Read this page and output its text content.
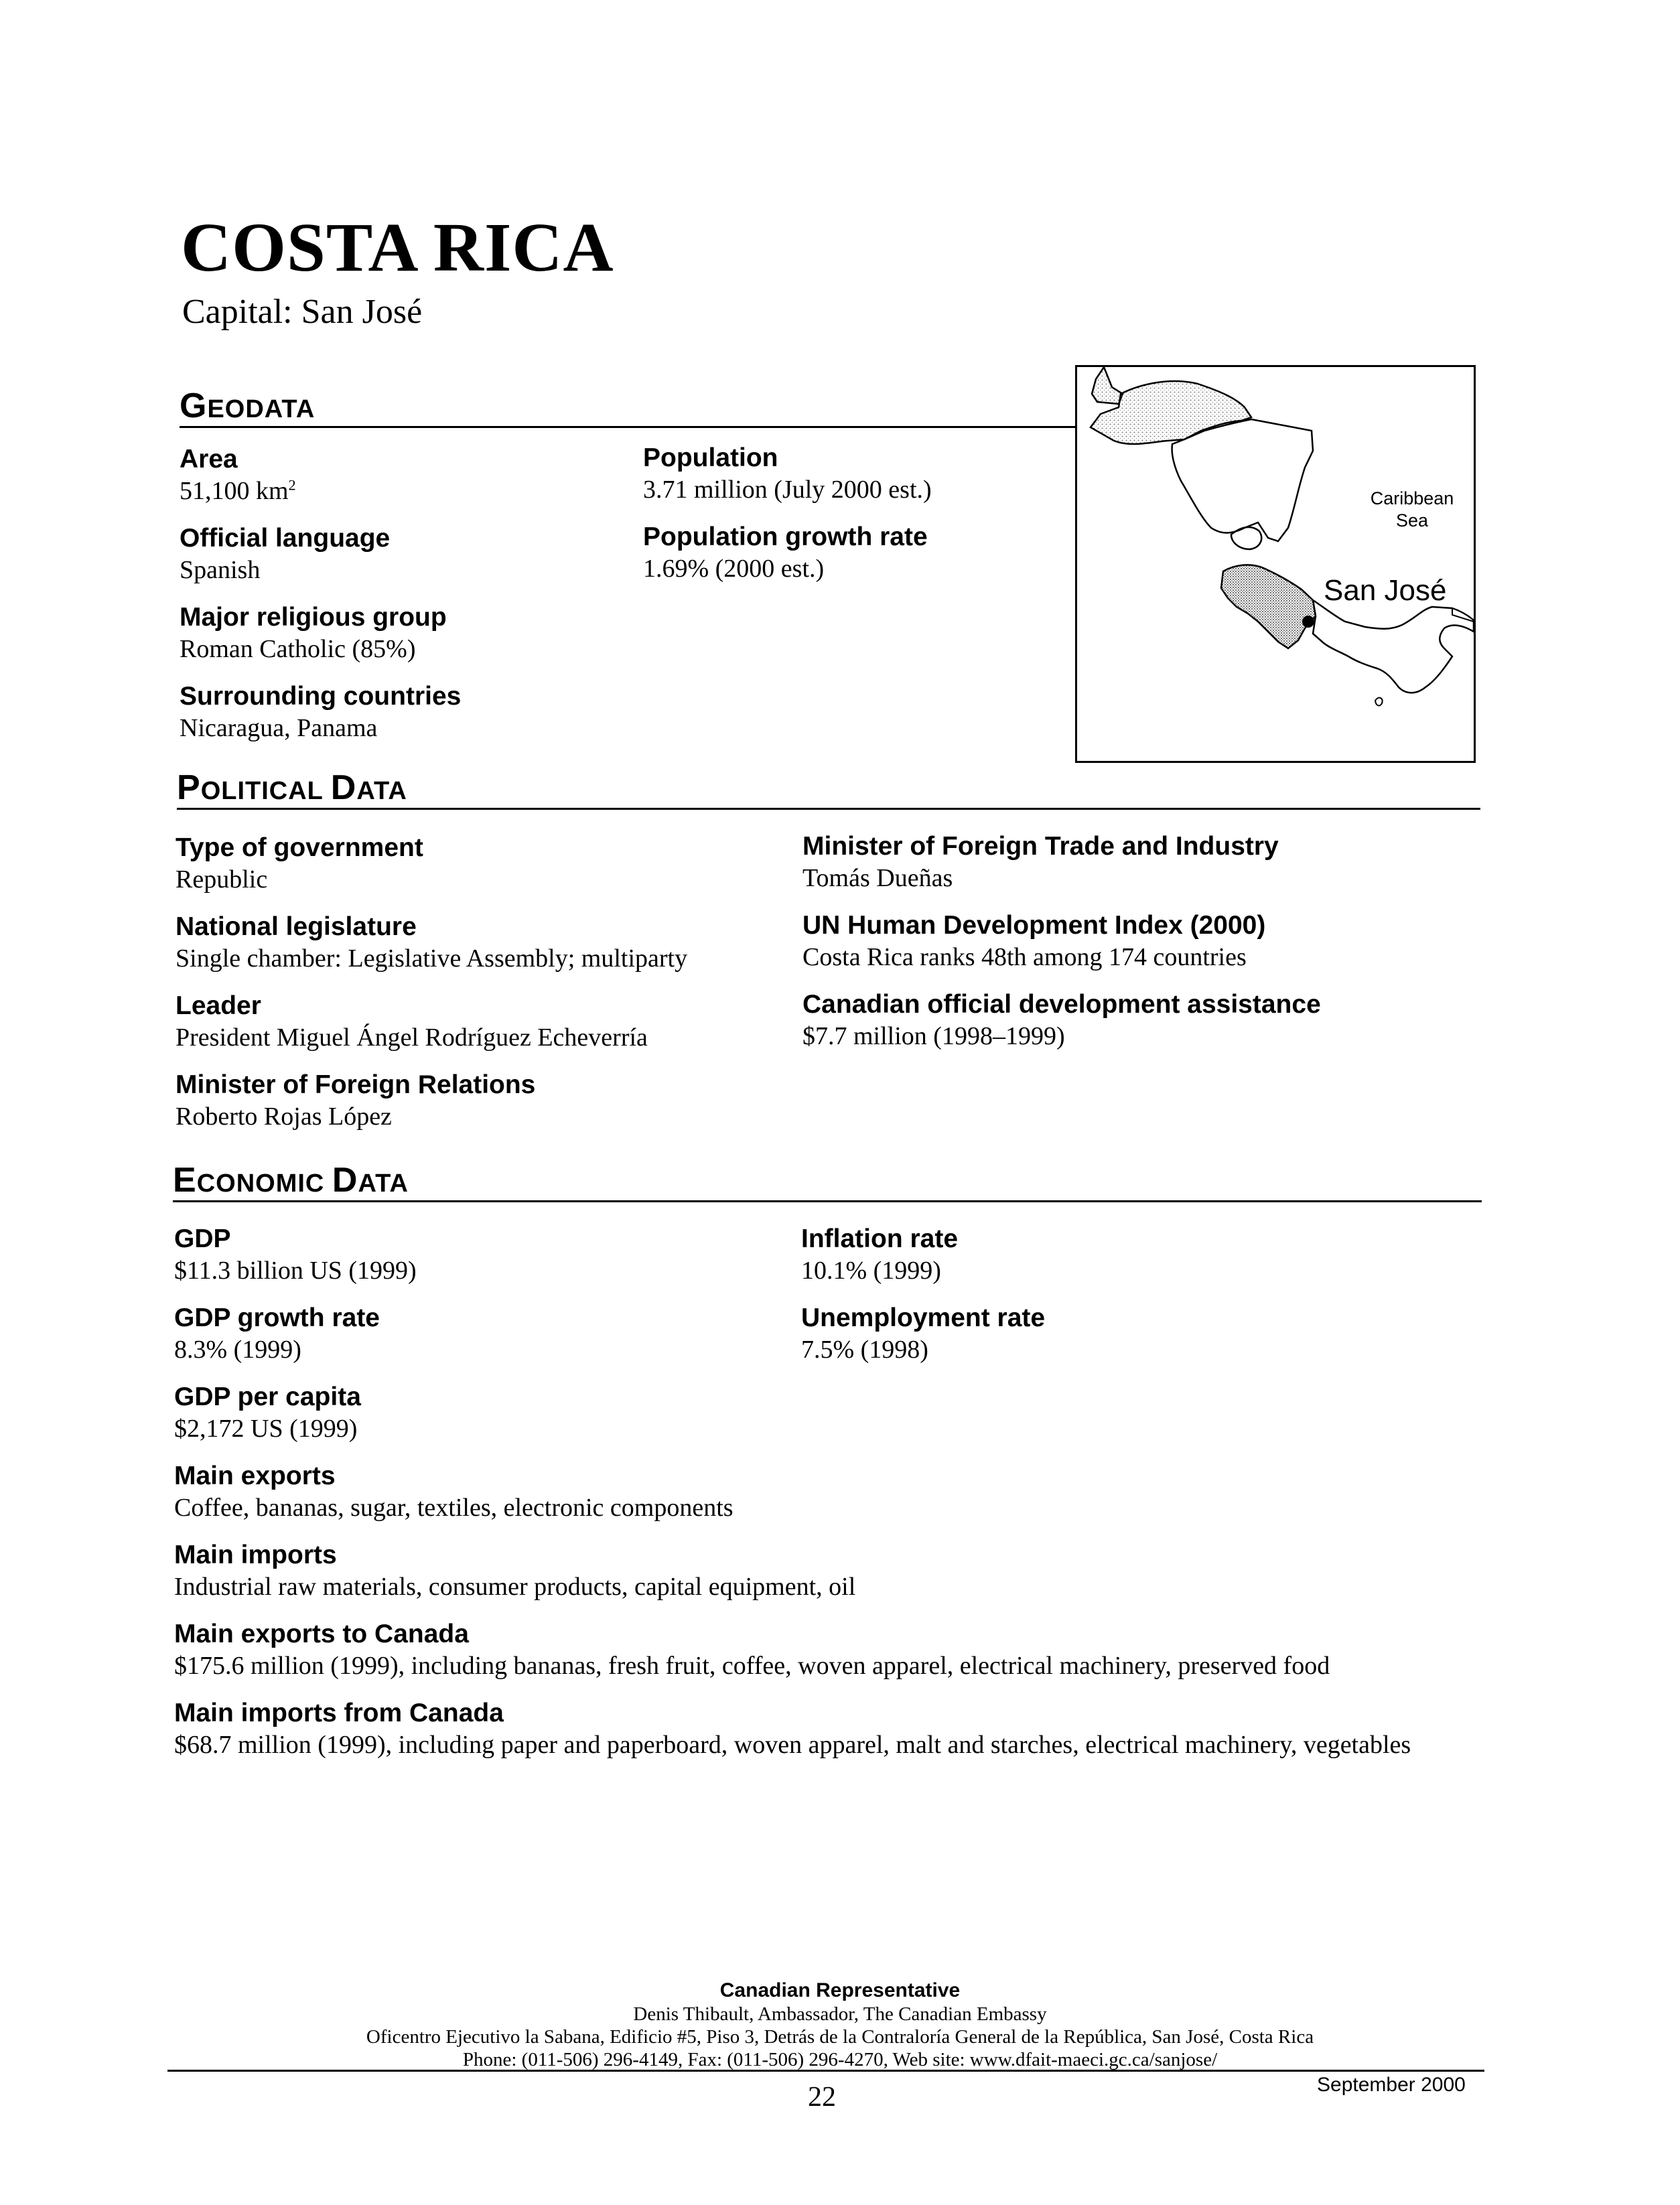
COSTA RICA
Capital: San José
GEODATA
Area
51,100 $km^2$
Official language
Spanish
Major religious group
Roman Catholic (85%)
Surrounding countries
Nicaragua, Panama
Population
3.71 million (July 2000 est.)
Population growth rate
1.69% (2000 est.)
Caribbean
Sea
San José
POLITICAL DATA
Type of government
Republic
National legislature
Single chamber: Legislative Assembly; multiparty
Leader
President Miguel Ángel Rodríguez Echeverría
Minister of Foreign Relations
Roberto Rojas López
Minister of Foreign Trade and Industry
Tomás Dueñas
UN Human Development Index (2000)
Costa Rica ranks 48th among 174 countries
Canadian official development assistance
$7.7 million (1998–1999)
ECONOMIC DATA
GDP
$11.3 billion US (1999)
GDP growth rate
8.3% (1999)
GDP per capita
$2,172 US (1999)
Inflation rate
10.1% (1999)
Unemployment rate
7.5% (1998)
Main exports
Coffee, bananas, sugar, textiles, electronic components
Main imports
Industrial raw materials, consumer products, capital equipment, oil
Main exports to Canada
$175.6 million (1999), including bananas, fresh fruit, coffee, woven apparel, electrical machinery, preserved food
Main imports from Canada
$68.7 million (1999), including paper and paperboard, woven apparel, malt and starches, electrical machinery, vegetables
Canadian Representative
Denis Thibault, Ambassador, The Canadian Embassy
Oficentro Ejecutivo la Sabana, Edificio #5, Piso 3, Detrás de la Contraloría General de la República, San José, Costa Rica
Phone: (011-506) 296-4149, Fax: (011-506) 296-4270, Web site: www.dfait-maeci.gc.ca/sanjose/
September 2000
22
